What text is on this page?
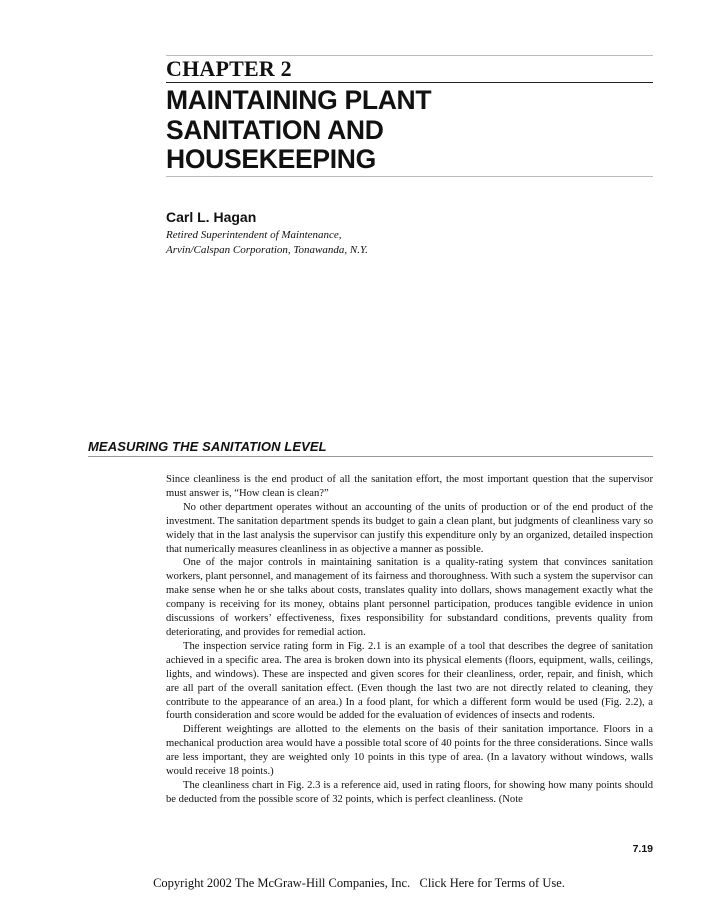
CHAPTER 2
MAINTAINING PLANT
SANITATION AND
HOUSEKEEPING
Carl L. Hagan
Retired Superintendent of Maintenance,
Arvin/Calspan Corporation, Tonawanda, N.Y.
MEASURING THE SANITATION LEVEL

Since cleanliness is the end product of all the sanitation effort, the most important question that the supervisor must answer is, “How clean is clean?”

No other department operates without an accounting of the units of production or of the end product of the investment. The sanitation department spends its budget to gain a clean plant, but judgments of cleanliness vary so widely that in the last analysis the supervisor can justify this expenditure only by an organized, detailed inspection that numerically measures cleanliness in as objective a manner as possible.

One of the major controls in maintaining sanitation is a quality-rating system that convinces sanitation workers, plant personnel, and management of its fairness and thoroughness. With such a system the supervisor can make sense when he or she talks about costs, translates quality into dollars, shows management exactly what the company is receiving for its money, obtains plant personnel participation, produces tangible evidence in union discussions of workers’ effectiveness, fixes responsibility for substandard conditions, prevents quality from deteriorating, and provides for remedial action.

The inspection service rating form in Fig. 2.1 is an example of a tool that describes the degree of sanitation achieved in a specific area. The area is broken down into its physical elements (floors, equipment, walls, ceilings, lights, and windows). These are inspected and given scores for their cleanliness, order, repair, and finish, which are all part of the overall sanitation effect. (Even though the last two are not directly related to cleaning, they contribute to the appearance of an area.) In a food plant, for which a different form would be used (Fig. 2.2), a fourth consideration and score would be added for the evaluation of evidences of insects and rodents.

Different weightings are allotted to the elements on the basis of their sanitation importance. Floors in a mechanical production area would have a possible total score of 40 points for the three considerations. Since walls are less important, they are weighted only 10 points in this type of area. (In a lavatory without windows, walls would receive 18 points.)

The cleanliness chart in Fig. 2.3 is a reference aid, used in rating floors, for showing how many points should be deducted from the possible score of 32 points, which is perfect cleanliness. (Note

7.19
Copyright 2002 The McGraw-Hill Companies, Inc. Click Here for Terms of Use.
